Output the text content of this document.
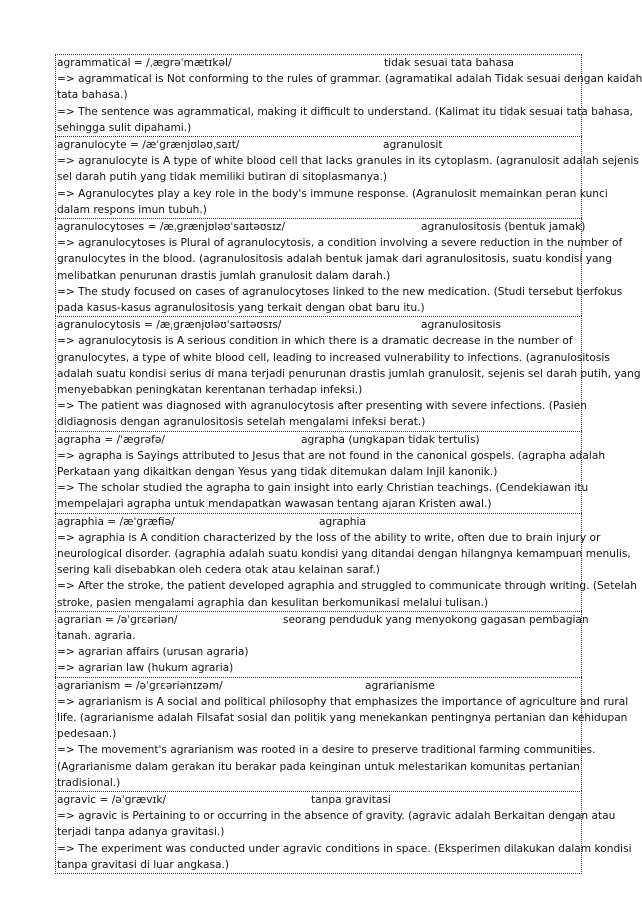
agrammatical = /ˌæɡrəˈmætɪkəl/	tidak sesuai tata bahasa
=> agrammatical is Not conforming to the rules of grammar. (agramatikal adalah Tidak sesuai dengan kaidah
tata bahasa.)
=> The sentence was agrammatical, making it difficult to understand. (Kalimat itu tidak sesuai tata bahasa,
sehingga sulit dipahami.)
agranulocyte = /æˈɡrænjʊləʊˌsaɪt/	agranulosit
=> agranulocyte is A type of white blood cell that lacks granules in its cytoplasm. (agranulosit adalah sejenis
sel darah putih yang tidak memiliki butiran di sitoplasmanya.)
=> Agranulocytes play a key role in the body's immune response. (Agranulosit memainkan peran kunci
dalam respons imun tubuh.)
agranulocytoses = /æˌɡrænjʊləʊˈsaɪtəʊsɪz/	agranulositosis (bentuk jamak)
=> agranulocytoses is Plural of agranulocytosis, a condition involving a severe reduction in the number of
granulocytes in the blood. (agranulositosis adalah bentuk jamak dari agranulositosis, suatu kondisi yang
melibatkan penurunan drastis jumlah granulosit dalam darah.)
=> The study focused on cases of agranulocytoses linked to the new medication. (Studi tersebut berfokus
pada kasus-kasus agranulositosis yang terkait dengan obat baru itu.)
agranulocytosis = /æˌɡrænjʊləʊˈsaɪtəʊsɪs/	agranulositosis
=> agranulocytosis is A serious condition in which there is a dramatic decrease in the number of
granulocytes, a type of white blood cell, leading to increased vulnerability to infections. (agranulositosis
adalah suatu kondisi serius di mana terjadi penurunan drastis jumlah granulosit, sejenis sel darah putih, yang
menyebabkan peningkatan kerentanan terhadap infeksi.)
=> The patient was diagnosed with agranulocytosis after presenting with severe infections. (Pasien
didiagnosis dengan agranulositosis setelah mengalami infeksi berat.)
agrapha = /ˈæɡrəfə/	agrapha (ungkapan tidak tertulis)
=> agrapha is Sayings attributed to Jesus that are not found in the canonical gospels. (agrapha adalah
Perkataan yang dikaitkan dengan Yesus yang tidak ditemukan dalam Injil kanonik.)
=> The scholar studied the agrapha to gain insight into early Christian teachings. (Cendekiawan itu
mempelajari agrapha untuk mendapatkan wawasan tentang ajaran Kristen awal.)
agraphia = /æˈɡræfiə/	agraphia
=> agraphia is A condition characterized by the loss of the ability to write, often due to brain injury or
neurological disorder. (agraphia adalah suatu kondisi yang ditandai dengan hilangnya kemampuan menulis,
sering kali disebabkan oleh cedera otak atau kelainan saraf.)
=> After the stroke, the patient developed agraphia and struggled to communicate through writing. (Setelah
stroke, pasien mengalami agraphia dan kesulitan berkomunikasi melalui tulisan.)
agrarian = /əˈɡrɛəriən/	seorang penduduk yang menyokong gagasan pembagian
tanah. agraria.
=> agrarian affairs (urusan agraria)
=> agrarian law (hukum agraria)
agrarianism = /əˈɡrɛəriənɪzəm/	agrarianisme
=> agrarianism is A social and political philosophy that emphasizes the importance of agriculture and rural
life. (agrarianisme adalah Filsafat sosial dan politik yang menekankan pentingnya pertanian dan kehidupan
pedesaan.)
=> The movement's agrarianism was rooted in a desire to preserve traditional farming communities.
(Agrarianisme dalam gerakan itu berakar pada keinginan untuk melestarikan komunitas pertanian
tradisional.)
agravic = /əˈɡrævɪk/	tanpa gravitasi
=> agravic is Pertaining to or occurring in the absence of gravity. (agravic adalah Berkaitan dengan atau
terjadi tanpa adanya gravitasi.)
=> The experiment was conducted under agravic conditions in space. (Eksperimen dilakukan dalam kondisi
tanpa gravitasi di luar angkasa.)
